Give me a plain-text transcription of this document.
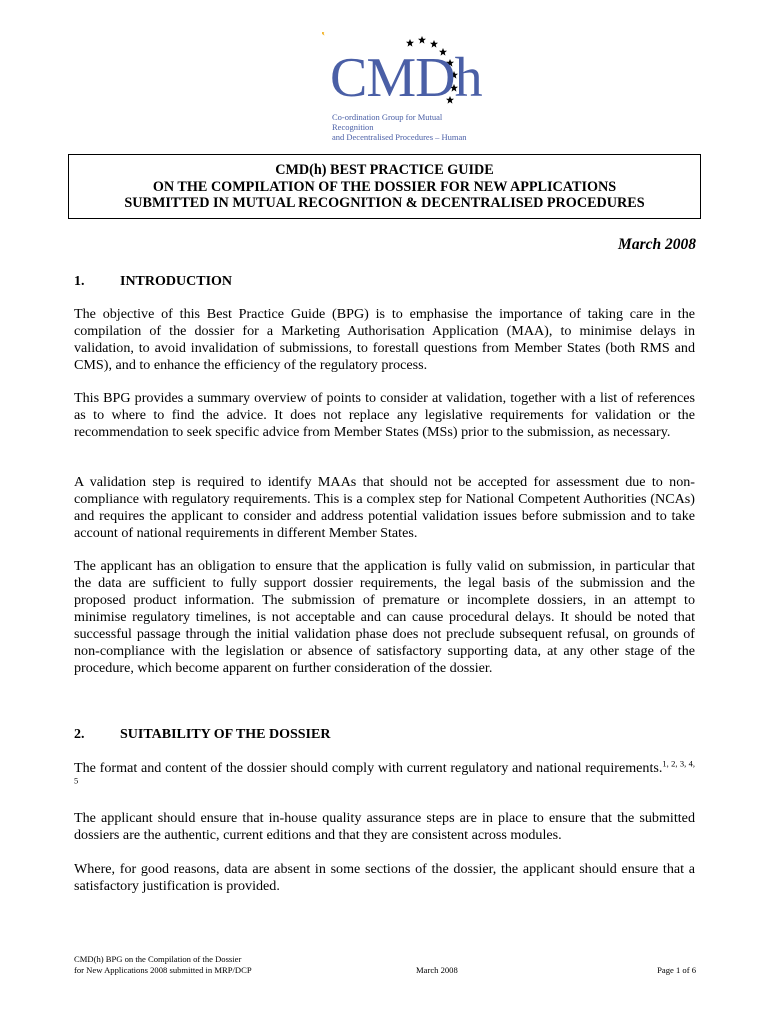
CMDh
Co-ordination Group for Mutual Recognition
and Decentralised Procedures – Human
CMD(h) BEST PRACTICE GUIDE
ON THE COMPILATION OF THE DOSSIER FOR NEW APPLICATIONS
SUBMITTED IN MUTUAL RECOGNITION & DECENTRALISED PROCEDURES
March 2008
1.	INTRODUCTION
The objective of this Best Practice Guide (BPG) is to emphasise the importance of taking care in the compilation of the dossier for a Marketing Authorisation Application (MAA), to minimise delays in validation, to avoid invalidation of submissions, to forestall questions from Member States (both RMS and CMS), and to enhance the efficiency of the regulatory process.
This BPG provides a summary overview of points to consider at validation, together with a list of references as to where to find the advice. It does not replace any legislative requirements for validation or the recommendation to seek specific advice from Member States (MSs) prior to the submission, as necessary.
A validation step is required to identify MAAs that should not be accepted for assessment due to non-compliance with regulatory requirements. This is a complex step for National Competent Authorities (NCAs) and requires the applicant to consider and address potential validation issues before submission and to take account of national requirements in different Member States.
The applicant has an obligation to ensure that the application is fully valid on submission, in particular that the data are sufficient to fully support dossier requirements, the legal basis of the submission and the proposed product information. The submission of premature or incomplete dossiers, in an attempt to minimise regulatory timelines, is not acceptable and can cause procedural delays. It should be noted that successful passage through the initial validation phase does not preclude subsequent refusal, on grounds of non-compliance with the legislation or absence of satisfactory supporting data, at any other stage of the procedure, which become apparent on further consideration of the dossier.
2.	SUITABILITY OF THE DOSSIER
The format and content of the dossier should comply with current regulatory and national requirements.$^{1, 2, 3, 4, 5}$
The applicant should ensure that in-house quality assurance steps are in place to ensure that the submitted dossiers are the authentic, current editions and that they are consistent across modules.
Where, for good reasons, data are absent in some sections of the dossier, the applicant should ensure that a satisfactory justification is provided.
CMD(h) BPG on the Compilation of the Dossier
for New Applications 2008 submitted in MRP/DCP	March 2008	Page 1 of 6
